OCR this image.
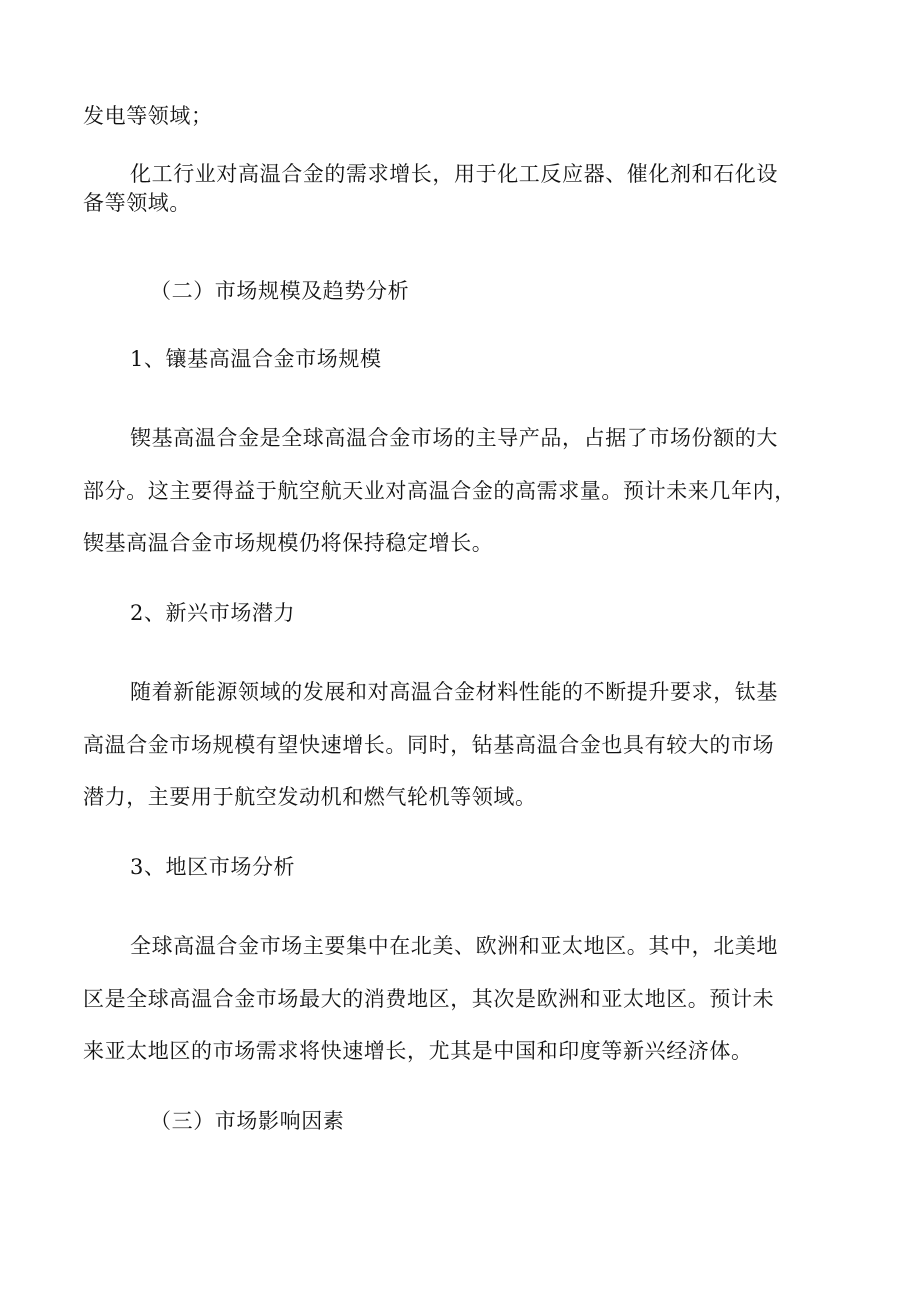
发电等领域；
化工行业对高温合金的需求增长，用于化工反应器、催化剂和石化设
备等领域。
（二）市场规模及趋势分析
1、镶基高温合金市场规模
锲基高温合金是全球高温合金市场的主导产品，占据了市场份额的大
部分。这主要得益于航空航天业对高温合金的高需求量。预计未来几年内，
锲基高温合金市场规模仍将保持稳定增长。
2、新兴市场潜力
随着新能源领域的发展和对高温合金材料性能的不断提升要求，钛基
高温合金市场规模有望快速增长。同时，钻基高温合金也具有较大的市场
潜力，主要用于航空发动机和燃气轮机等领域。
3、地区市场分析
全球高温合金市场主要集中在北美、欧洲和亚太地区。其中，北美地
区是全球高温合金市场最大的消费地区，其次是欧洲和亚太地区。预计未
来亚太地区的市场需求将快速增长，尤其是中国和印度等新兴经济体。
（三）市场影响因素
